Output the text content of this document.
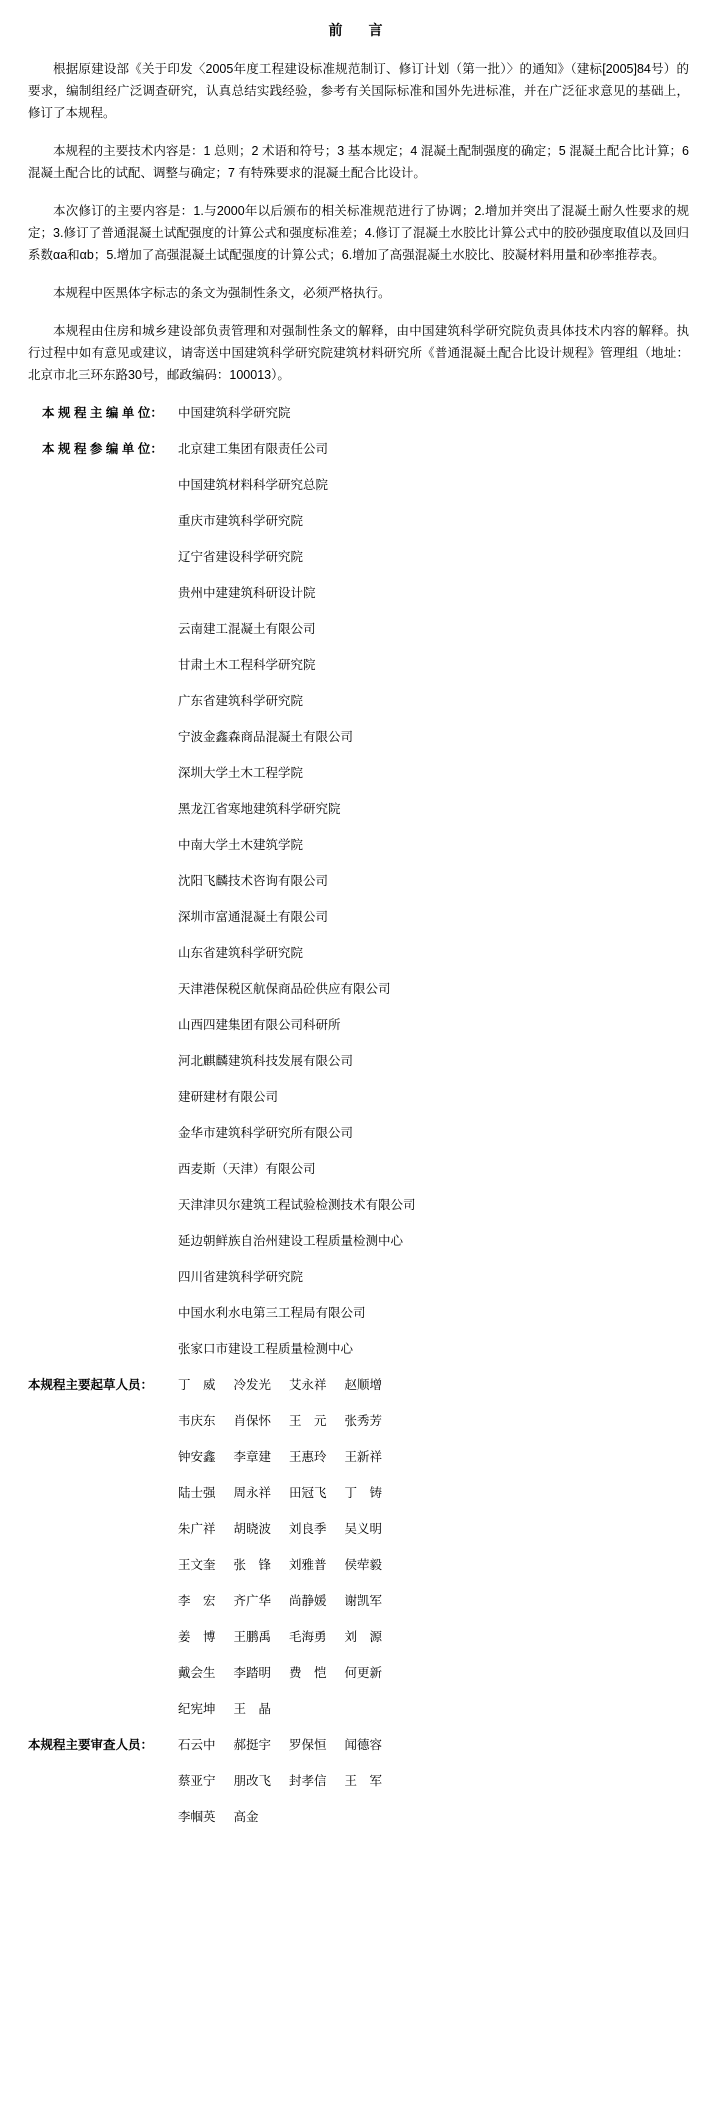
前　言

根据原建设部《关于印发〈2005年度工程建设标准规范制订、修订计划（第一批）〉的通知》（建标[2005]84号）的要求，编制组经广泛调查研究，认真总结实践经验，参考有关国际标准和国外先进标准，并在广泛征求意见的基础上，修订了本规程。

本规程的主要技术内容是：1 总则；2 术语和符号；3 基本规定；4 混凝土配制强度的确定；5 混凝土配合比计算；6 混凝土配合比的试配、调整与确定；7 有特殊要求的混凝土配合比设计。

本次修订的主要内容是：1.与2000年以后颁布的相关标准规范进行了协调；2.增加并突出了混凝土耐久性要求的规定；3.修订了普通混凝土试配强度的计算公式和强度标准差；4.修订了混凝土水胶比计算公式中的胶砂强度取值以及回归系数αa和αb；5.增加了高强混凝土试配强度的计算公式；6.增加了高强混凝土水胶比、胶凝材料用量和砂率推荐表。

本规程中医黑体字标志的条文为强制性条文，必须严格执行。

本规程由住房和城乡建设部负责管理和对强制性条文的解释，由中国建筑科学研究院负责具体技术内容的解释。执行过程中如有意见或建议，请寄送中国建筑科学研究院建筑材料研究所《普通混凝土配合比设计规程》管理组（地址：北京市北三环东路30号，邮政编码：100013）。

本 规 程 主 编 单 位：	中国建筑科学研究院
本 规 程 参 编 单 位：	北京建工集团有限责任公司
中国建筑材料科学研究总院
重庆市建筑科学研究院
辽宁省建设科学研究院
贵州中建建筑科研设计院
云南建工混凝土有限公司
甘肃土木工程科学研究院
广东省建筑科学研究院
宁波金鑫森商品混凝土有限公司
深圳大学土木工程学院
黑龙江省寒地建筑科学研究院
中南大学土木建筑学院
沈阳飞麟技术咨询有限公司
深圳市富通混凝土有限公司
山东省建筑科学研究院
天津港保税区航保商品砼供应有限公司
山西四建集团有限公司科研所
河北麒麟建筑科技发展有限公司
建研建材有限公司
金华市建筑科学研究所有限公司
西麦斯（天津）有限公司
天津津贝尔建筑工程试验检测技术有限公司
延边朝鲜族自治州建设工程质量检测中心
四川省建筑科学研究院
中国水利水电第三工程局有限公司
张家口市建设工程质量检测中心
本规程主要起草人员：	丁　威 冷发光 艾永祥 赵顺增
韦庆东 肖保怀 王　元 张秀芳
钟安鑫 李章建 王惠玲 王新祥
陆士强 周永祥 田冠飞 丁　铸
朱广祥 胡晓波 刘良季 吴义明
王文奎 张　锋 刘雅普 侯荦毅
李　宏 齐广华 尚静媛 谢凯军
姜　博 王鹏禹 毛海勇 刘　源
戴会生 李踏明 费　恺 何更新
纪宪坤 王　晶
本规程主要审查人员：	石云中 郝挺宇 罗保恒 闻德容
蔡亚宁 朋改飞 封孝信 王　军
李帼英 高金
